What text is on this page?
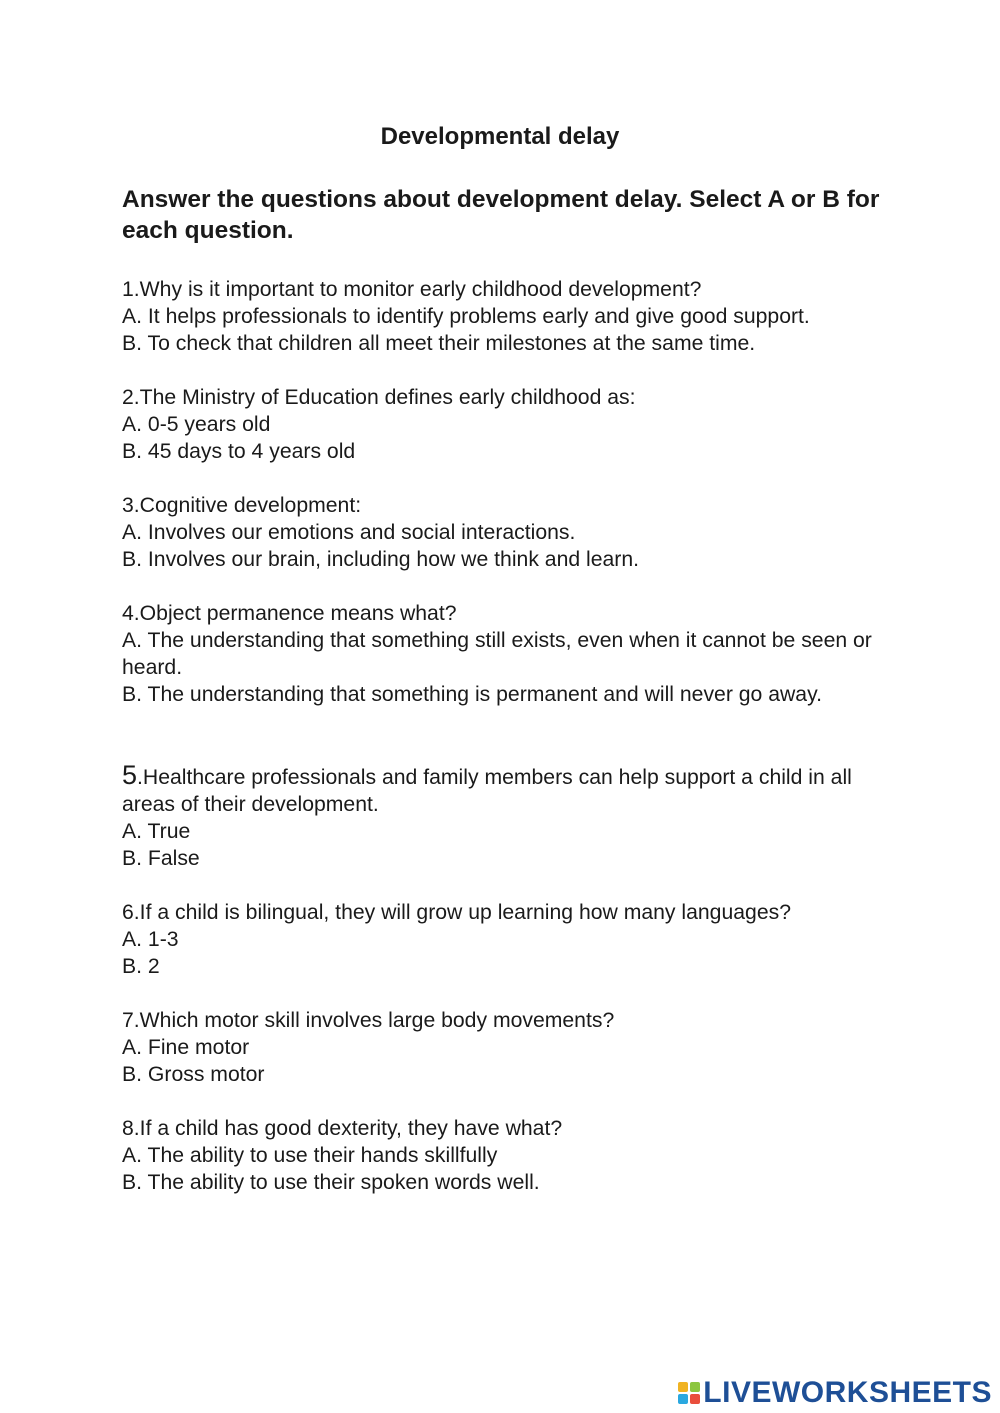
Developmental delay
Answer the questions about development delay. Select A or B for each question.

1.Why is it important to monitor early childhood development?

A. It helps professionals to identify problems early and give good support.

B. To check that children all meet their milestones at the same time.

2.The Ministry of Education defines early childhood as:

A. 0-5 years old

B. 45 days to 4 years old

3.Cognitive development:

A. Involves our emotions and social interactions.

B. Involves our brain, including how we think and learn.

4.Object permanence means what?

A. The understanding that something still exists, even when it cannot be seen or heard.

B. The understanding that something is permanent and will never go away.

5.Healthcare professionals and family members can help support a child in all areas of their development.

A. True

B. False

6.If a child is bilingual, they will grow up learning how many languages?

A. 1-3

B. 2

7.Which motor skill involves large body movements?

A. Fine motor

B. Gross motor

8.If a child has good dexterity, they have what?

A. The ability to use their hands skillfully

B. The ability to use their spoken words well.

LIVEWORKSHEETS
